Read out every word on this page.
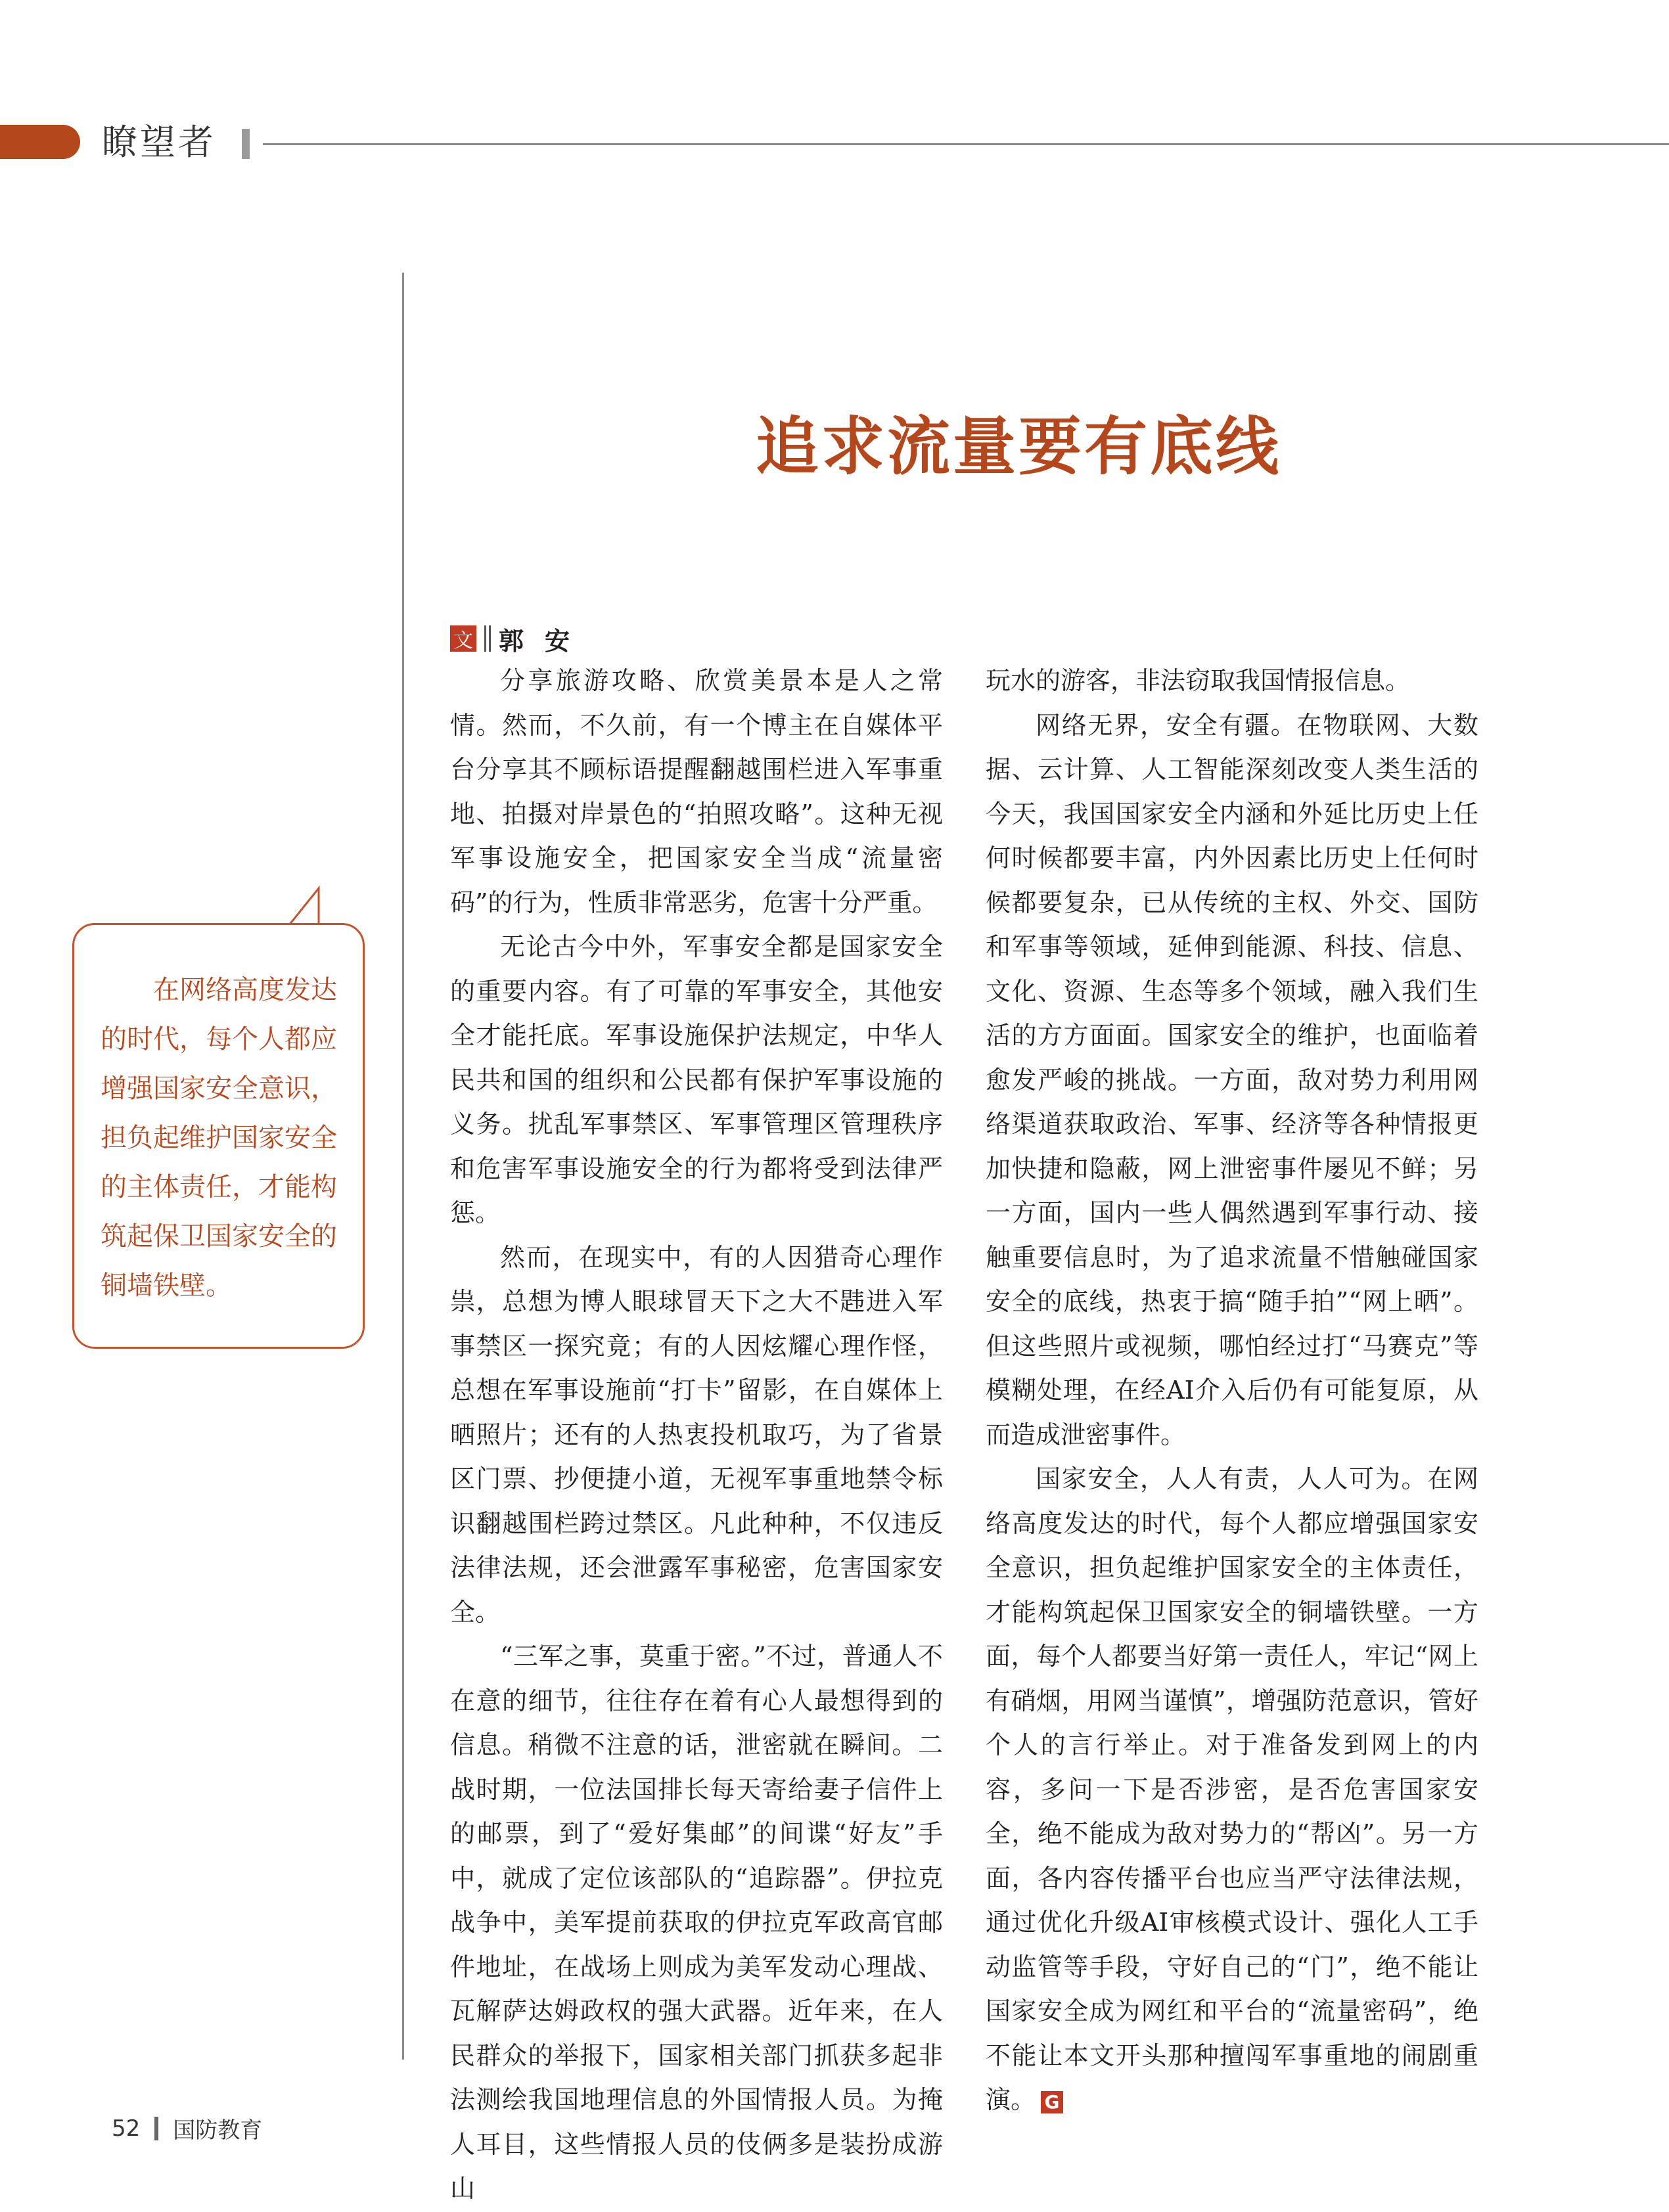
瞭望者

在网络高度发达的时代，每个人都应增强国家安全意识，担负起维护国家安全的主体责任，才能构筑起保卫国家安全的铜墙铁壁。

追求流量要有底线
文 郭安

分享旅游攻略、欣赏美景本是人之常情。然而，不久前，有一个博主在自媒体平台分享其不顾标语提醒翻越围栏进入军事重地、拍摄对岸景色的“拍照攻略”。这种无视军事设施安全，把国家安全当成“流量密码”的行为，性质非常恶劣，危害十分严重。

无论古今中外，军事安全都是国家安全的重要内容。有了可靠的军事安全，其他安全才能托底。军事设施保护法规定，中华人民共和国的组织和公民都有保护军事设施的义务。扰乱军事禁区、军事管理区管理秩序和危害军事设施安全的行为都将受到法律严惩。

然而，在现实中，有的人因猎奇心理作祟，总想为博人眼球冒天下之大不韪进入军事禁区一探究竟；有的人因炫耀心理作怪，总想在军事设施前“打卡”留影，在自媒体上晒照片；还有的人热衷投机取巧，为了省景区门票、抄便捷小道，无视军事重地禁令标识翻越围栏跨过禁区。凡此种种，不仅违反法律法规，还会泄露军事秘密，危害国家安全。

“三军之事，莫重于密。”不过，普通人不在意的细节，往往存在着有心人最想得到的信息。稍微不注意的话，泄密就在瞬间。二战时期，一位法国排长每天寄给妻子信件上的邮票，到了“爱好集邮”的间谍“好友”手中，就成了定位该部队的“追踪器”。伊拉克战争中，美军提前获取的伊拉克军政高官邮件地址，在战场上则成为美军发动心理战、瓦解萨达姆政权的强大武器。近年来，在人民群众的举报下，国家相关部门抓获多起非法测绘我国地理信息的外国情报人员。为掩人耳目，这些情报人员的伎俩多是装扮成游山

玩水的游客，非法窃取我国情报信息。

网络无界，安全有疆。在物联网、大数据、云计算、人工智能深刻改变人类生活的今天，我国国家安全内涵和外延比历史上任何时候都要丰富，内外因素比历史上任何时候都要复杂，已从传统的主权、外交、国防和军事等领域，延伸到能源、科技、信息、文化、资源、生态等多个领域，融入我们生活的方方面面。国家安全的维护，也面临着愈发严峻的挑战。一方面，敌对势力利用网络渠道获取政治、军事、经济等各种情报更加快捷和隐蔽，网上泄密事件屡见不鲜；另一方面，国内一些人偶然遇到军事行动、接触重要信息时，为了追求流量不惜触碰国家安全的底线，热衷于搞“随手拍”“网上晒”。但这些照片或视频，哪怕经过打“马赛克”等模糊处理，在经AI介入后仍有可能复原，从而造成泄密事件。

国家安全，人人有责，人人可为。在网络高度发达的时代，每个人都应增强国家安全意识，担负起维护国家安全的主体责任，才能构筑起保卫国家安全的铜墙铁壁。一方面，每个人都要当好第一责任人，牢记“网上有硝烟，用网当谨慎”，增强防范意识，管好个人的言行举止。对于准备发到网上的内容，多问一下是否涉密，是否危害国家安全，绝不能成为敌对势力的“帮凶”。另一方面，各内容传播平台也应当严守法律法规，通过优化升级AI审核模式设计、强化人工手动监管等手段，守好自己的“门”，绝不能让国家安全成为网红和平台的“流量密码”，绝不能让本文开头那种擅闯军事重地的闹剧重演。 G

52 国防教育
